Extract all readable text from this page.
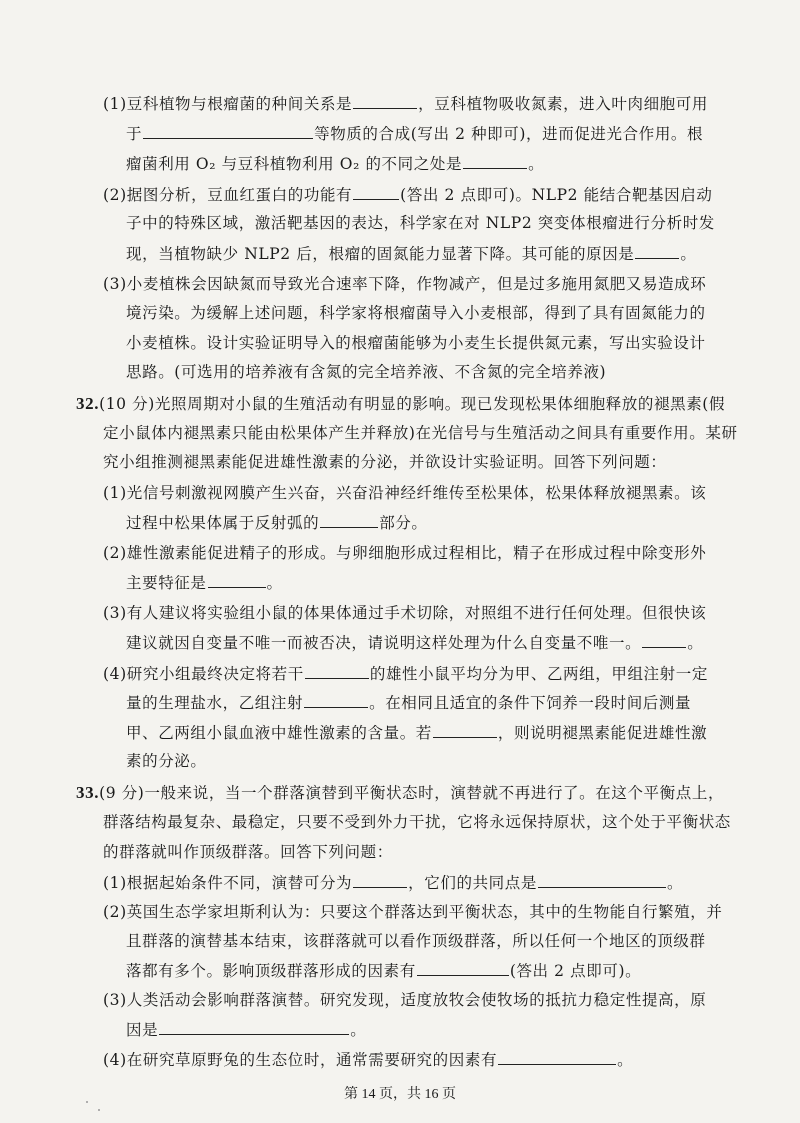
(1)豆科植物与根瘤菌的种间关系是	，豆科植物吸收氮素，进入叶肉细胞可用
于	等物质的合成(写出 2 种即可)，进而促进光合作用。根
瘤菌利用 O₂ 与豆科植物利用 O₂ 的不同之处是	。
(2)据图分析，豆血红蛋白的功能有	(答出 2 点即可)。NLP2 能结合靶基因启动
子中的特殊区域，激活靶基因的表达，科学家在对 NLP2 突变体根瘤进行分析时发
现，当植物缺少 NLP2 后，根瘤的固氮能力显著下降。其可能的原因是	。
(3)小麦植株会因缺氮而导致光合速率下降，作物减产，但是过多施用氮肥又易造成环
境污染。为缓解上述问题，科学家将根瘤菌导入小麦根部，得到了具有固氮能力的
小麦植株。设计实验证明导入的根瘤菌能够为小麦生长提供氮元素，写出实验设计
思路。(可选用的培养液有含氮的完全培养液、不含氮的完全培养液)
32.(10 分)光照周期对小鼠的生殖活动有明显的影响。现已发现松果体细胞释放的褪黑素(假
定小鼠体内褪黑素只能由松果体产生并释放)在光信号与生殖活动之间具有重要作用。某研
究小组推测褪黑素能促进雄性激素的分泌，并欲设计实验证明。回答下列问题：
(1)光信号刺激视网膜产生兴奋，兴奋沿神经纤维传至松果体，松果体释放褪黑素。该
过程中松果体属于反射弧的	部分。
(2)雄性激素能促进精子的形成。与卵细胞形成过程相比，精子在形成过程中除变形外
主要特征是	。
(3)有人建议将实验组小鼠的体果体通过手术切除，对照组不进行任何处理。但很快该
建议就因自变量不唯一而被否决，请说明这样处理为什么自变量不唯一。	。
(4)研究小组最终决定将若干	的雄性小鼠平均分为甲、乙两组，甲组注射一定
量的生理盐水，乙组注射	。在相同且适宜的条件下饲养一段时间后测量
甲、乙两组小鼠血液中雄性激素的含量。若	，则说明褪黑素能促进雄性激
素的分泌。
33.(9 分)一般来说，当一个群落演替到平衡状态时，演替就不再进行了。在这个平衡点上，
群落结构最复杂、最稳定，只要不受到外力干扰，它将永远保持原状，这个处于平衡状态
的群落就叫作顶级群落。回答下列问题：
(1)根据起始条件不同，演替可分为	，它们的共同点是	。
(2)英国生态学家坦斯利认为：只要这个群落达到平衡状态，其中的生物能自行繁殖，并
且群落的演替基本结束，该群落就可以看作顶级群落，所以任何一个地区的顶级群
落都有多个。影响顶级群落形成的因素有	(答出 2 点即可)。
(3)人类活动会影响群落演替。研究发现，适度放牧会使牧场的抵抗力稳定性提高，原
因是	。
(4)在研究草原野兔的生态位时，通常需要研究的因素有	。
第 14 页，共 16 页
